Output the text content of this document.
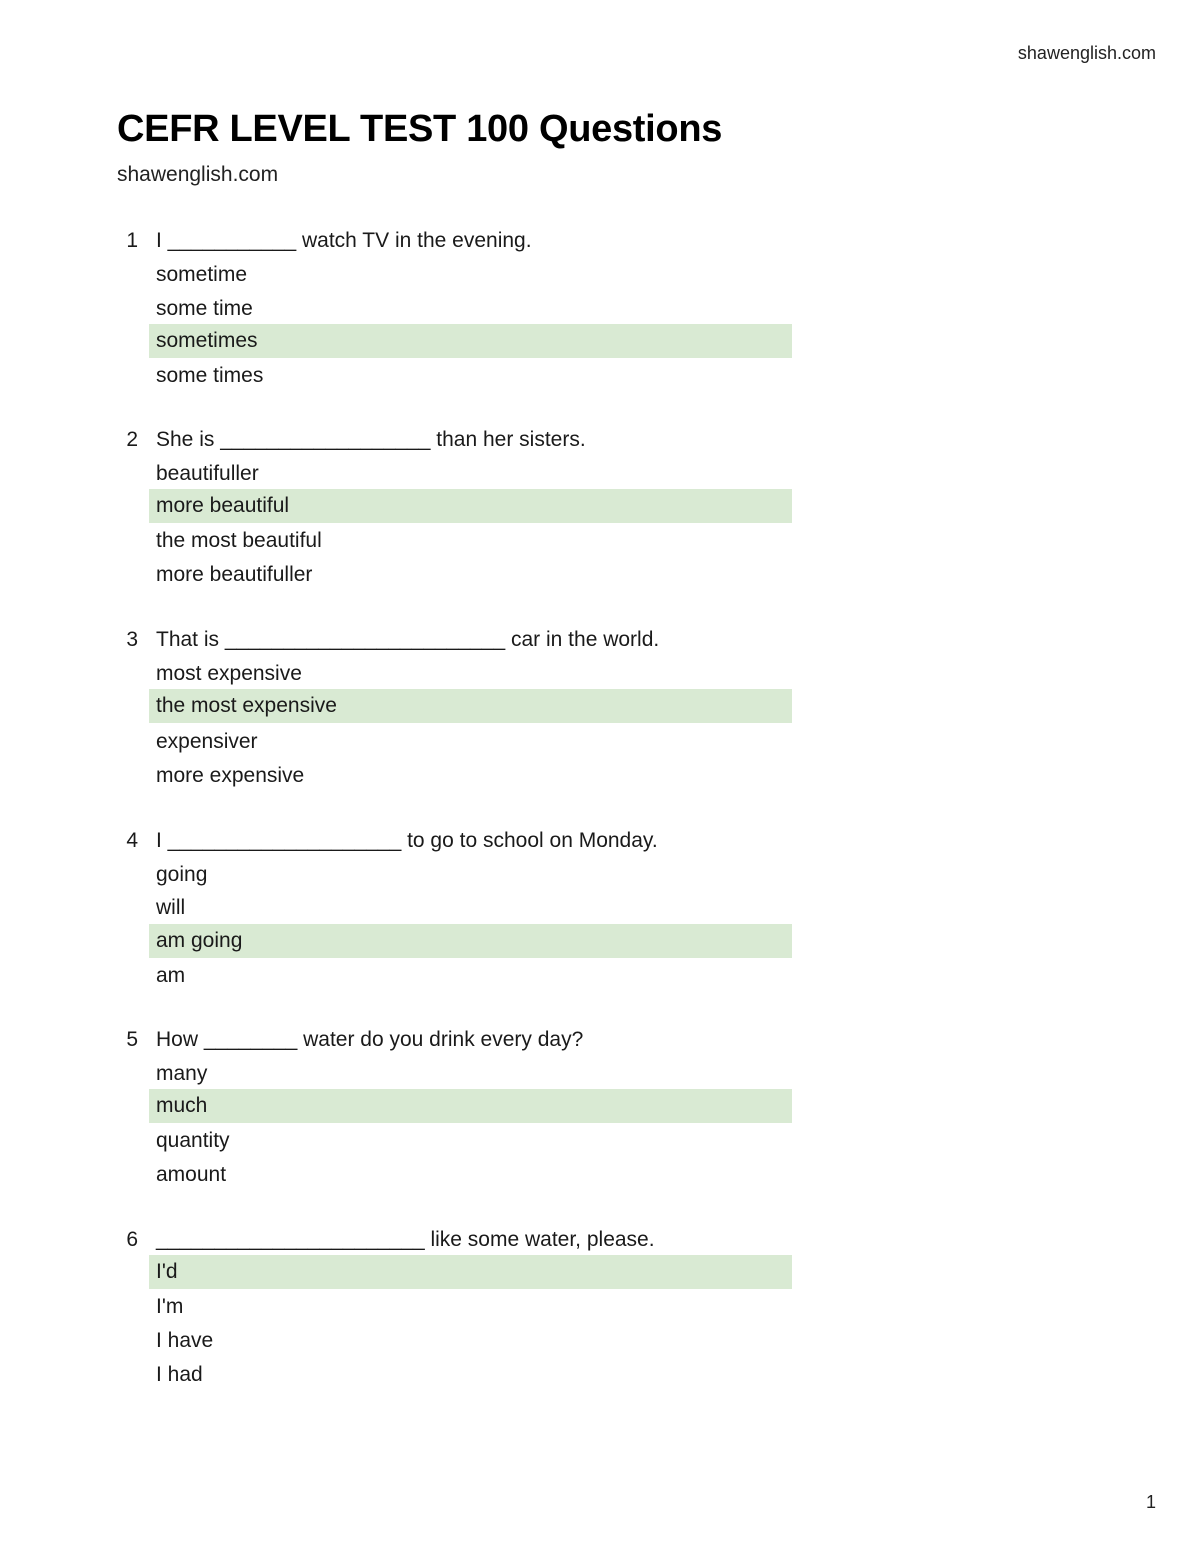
shawenglish.com
CEFR LEVEL TEST 100 Questions
shawenglish.com
1 I ___________ watch TV in the evening.
sometime
some time
sometimes
some times
2 She is __________________ than her sisters.
beautifuller
more beautiful
the most beautiful
more beautifuller
3 That is ________________________ car in the world.
most expensive
the most expensive
expensiver
more expensive
4 I ____________________ to go to school on Monday.
going
will
am going
am
5 How ________ water do you drink every day?
many
much
quantity
amount
6 _______________________ like some water, please.
I'd
I'm
I have
I had
1
